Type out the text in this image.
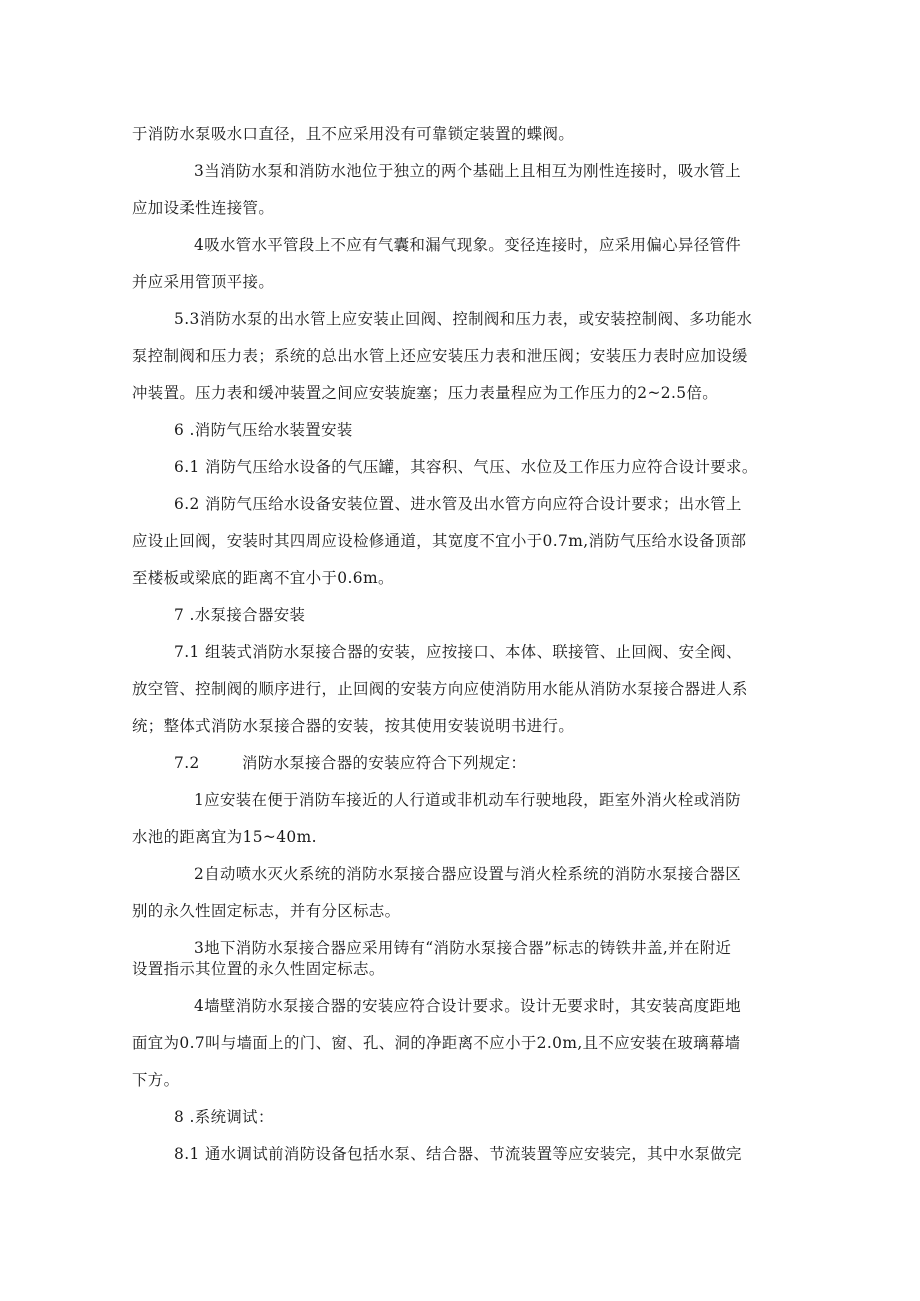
于消防水泵吸水口直径，且不应采用没有可靠锁定装置的蝶阀。

3当消防水泵和消防水池位于独立的两个基础上且相互为刚性连接时，吸水管上

应加设柔性连接管。

4吸水管水平管段上不应有气囊和漏气现象。变径连接时，应采用偏心异径管件

并应采用管顶平接。

5.3消防水泵的出水管上应安装止回阀、控制阀和压力表，或安装控制阀、多功能水

泵控制阀和压力表；系统的总出水管上还应安装压力表和泄压阀；安装压力表时应加设缓

冲装置。压力表和缓冲装置之间应安装旋塞；压力表量程应为工作压力的2~2.5倍。

6 .消防气压给水装置安装

6.1 消防气压给水设备的气压罐，其容积、气压、水位及工作压力应符合设计要求。

6.2 消防气压给水设备安装位置、进水管及出水管方向应符合设计要求；出水管上

应设止回阀，安装时其四周应设检修通道，其宽度不宜小于0.7m,消防气压给水设备顶部

至楼板或梁底的距离不宜小于0.6m。

7 .水泵接合器安装

7.1 组装式消防水泵接合器的安装，应按接口、本体、联接管、止回阀、安全阀、

放空管、控制阀的顺序进行，止回阀的安装方向应使消防用水能从消防水泵接合器进人系

统；整体式消防水泵接合器的安装，按其使用安装说明书进行。

7.2        消防水泵接合器的安装应符合下列规定：

1应安装在便于消防车接近的人行道或非机动车行驶地段，距室外消火栓或消防

水池的距离宜为15~40m.

2自动喷水灭火系统的消防水泵接合器应设置与消火栓系统的消防水泵接合器区

别的永久性固定标志，并有分区标志。

3地下消防水泵接合器应采用铸有“消防水泵接合器”标志的铸铁井盖,并在附近

设置指示其位置的永久性固定标志。

4墙壁消防水泵接合器的安装应符合设计要求。设计无要求时，其安装高度距地

面宜为0.7叫与墙面上的门、窗、孔、洞的净距离不应小于2.0m,且不应安装在玻璃幕墙

下方。

8 .系统调试：

8.1 通水调试前消防设备包括水泵、结合器、节流装置等应安装完，其中水泵做完
